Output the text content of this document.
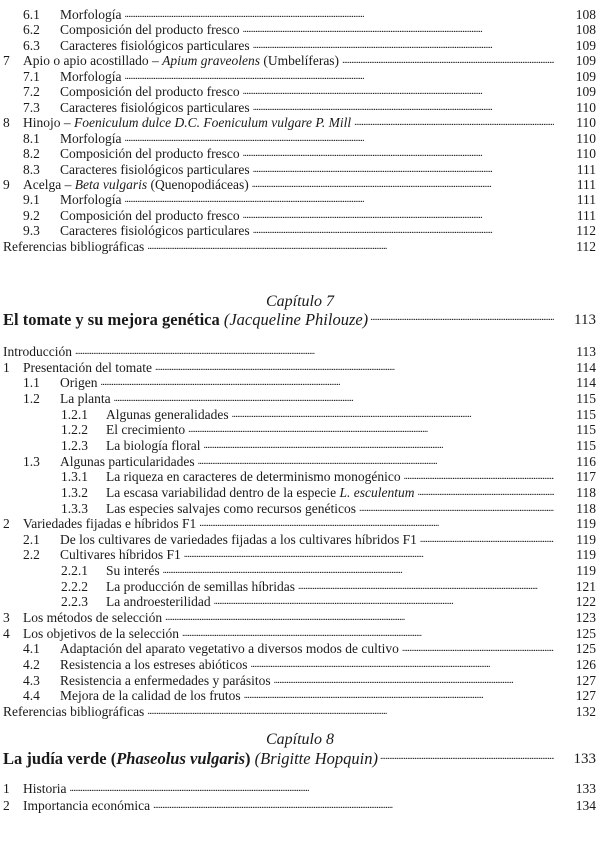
6.1 Morfología . . .	108
6.2 Composición del producto fresco . . .	108
6.3 Caracteres fisiológicos particulares . . .	109
7 Apio o apio acostillado – Apium graveolens (Umbelíferas) . . .	109
7.1 Morfología . . .	109
7.2 Composición del producto fresco . . .	109
7.3 Caracteres fisiológicos particulares . . .	110
8 Hinojo – Foeniculum dulce D.C. Foeniculum vulgare P. Mill . . .	110
8.1 Morfología . . .	110
8.2 Composición del producto fresco . . .	110
8.3 Caracteres fisiológicos particulares . . .	111
9 Acelga – Beta vulgaris (Quenopodiáceas) . . .	111
9.1 Morfología . . .	111
9.2 Composición del producto fresco . . .	111
9.3 Caracteres fisiológicos particulares . . .	112
Referencias bibliográficas . . .	112
Capítulo 7
El tomate y su mejora genética (Jacqueline Philouze) . . .	113
Introducción . . .	113
1 Presentación del tomate . . .	114
1.1 Origen . . .	114
1.2 La planta . . .	115
1.2.1 Algunas generalidades . . .	115
1.2.2 El crecimiento . . .	115
1.2.3 La biología floral . . .	115
1.3 Algunas particularidades . . .	116
1.3.1 La riqueza en caracteres de determinismo monogénico . . .	117
1.3.2 La escasa variabilidad dentro de la especie L. esculentum . . .	118
1.3.3 Las especies salvajes como recursos genéticos . . .	118
2 Variedades fijadas e híbridos F1 . . .	119
2.1 De los cultivares de variedades fijadas a los cultivares híbridos F1 . . .	119
2.2 Cultivares híbridos F1 . . .	119
2.2.1 Su interés . . .	119
2.2.2 La producción de semillas híbridas . . .	121
2.2.3 La androesterilidad . . .	122
3 Los métodos de selección . . .	123
4 Los objetivos de la selección . . .	125
4.1 Adaptación del aparato vegetativo a diversos modos de cultivo . . .	125
4.2 Resistencia a los estreses abióticos . . .	126
4.3 Resistencia a enfermedades y parásitos . . .	127
4.4 Mejora de la calidad de los frutos . . .	127
Referencias bibliográficas . . .	132
Capítulo 8
La judía verde ( Phaseolus vulgaris ) (Brigitte Hopquin) . . .	133
1 Historia . . .	133
2 Importancia económica . . .	134
